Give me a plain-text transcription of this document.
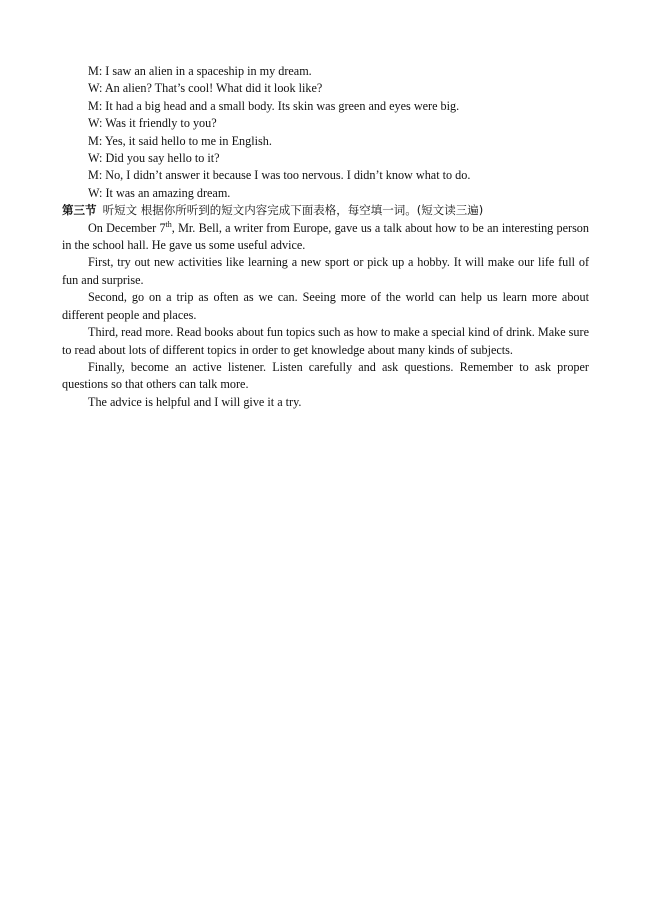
M: I saw an alien in a spaceship in my dream.
W: An alien? That’s cool! What did it look like?
M: It had a big head and a small body. Its skin was green and eyes were big.
W: Was it friendly to you?
M: Yes, it said hello to me in English.
W: Did you say hello to it?
M: No, I didn’t answer it because I was too nervous. I didn’t know what to do.
W: It was an amazing dream.
第三节 听短文 根据你所听到的短文内容完成下面表格，每空填一词。(短文读三遍)
On December 7th, Mr. Bell, a writer from Europe, gave us a talk about how to be an interesting person in the school hall. He gave us some useful advice.
First, try out new activities like learning a new sport or pick up a hobby. It will make our life full of fun and surprise.
Second, go on a trip as often as we can. Seeing more of the world can help us learn more about different people and places.
Third, read more. Read books about fun topics such as how to make a special kind of drink. Make sure to read about lots of different topics in order to get knowledge about many kinds of subjects.
Finally, become an active listener. Listen carefully and ask questions. Remember to ask proper questions so that others can talk more.
The advice is helpful and I will give it a try.
